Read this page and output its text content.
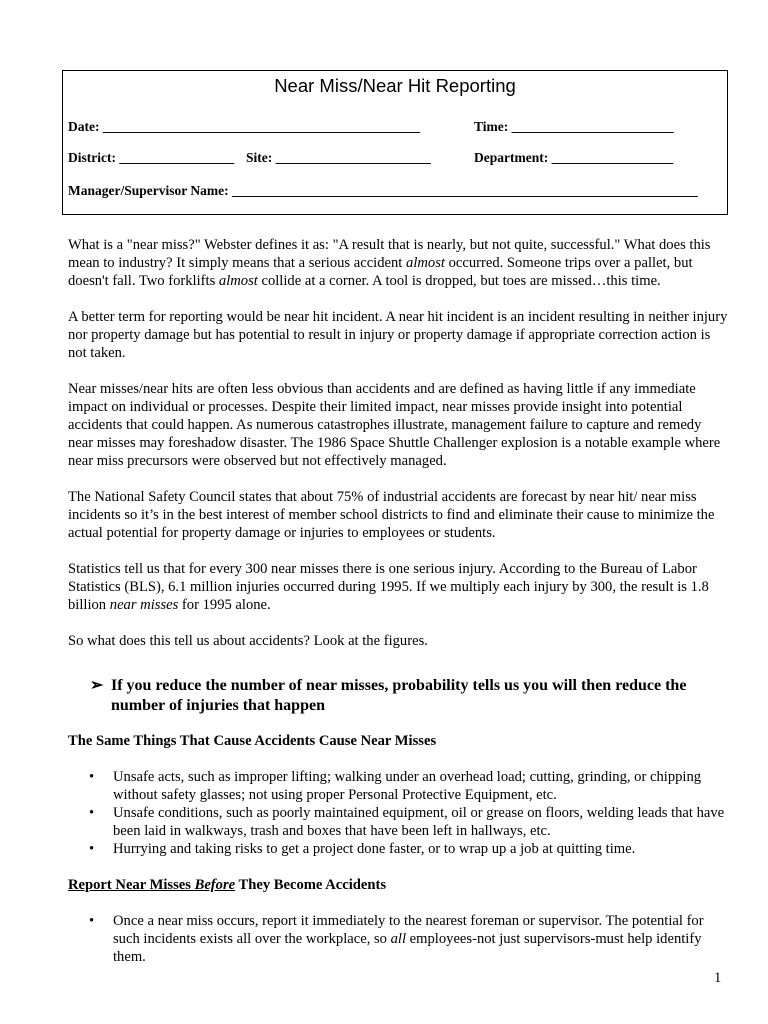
Near Miss/Near Hit Reporting
Date: _______________________________________________	Time: ________________________
District: _________________ Site: _______________________	Department: __________________
Manager/Supervisor Name: _____________________________________________________________________

What is a "near miss?" Webster defines it as: "A result that is nearly, but not quite, successful." What does this mean to industry? It simply means that a serious accident almost occurred. Someone trips over a pallet, but doesn't fall. Two forklifts almost collide at a corner. A tool is dropped, but toes are missed…this time.

A better term for reporting would be near hit incident. A near hit incident is an incident resulting in neither injury nor property damage but has potential to result in injury or property damage if appropriate correction action is not taken.

Near misses/near hits are often less obvious than accidents and are defined as having little if any immediate impact on individual or processes. Despite their limited impact, near misses provide insight into potential accidents that could happen. As numerous catastrophes illustrate, management failure to capture and remedy near misses may foreshadow disaster. The 1986 Space Shuttle Challenger explosion is a notable example where near miss precursors were observed but not effectively managed.

The National Safety Council states that about 75% of industrial accidents are forecast by near hit/ near miss incidents so it’s in the best interest of member school districts to find and eliminate their cause to minimize the actual potential for property damage or injuries to employees or students.

Statistics tell us that for every 300 near misses there is one serious injury. According to the Bureau of Labor Statistics (BLS), 6.1 million injuries occurred during 1995. If we multiply each injury by 300, the result is 1.8 billion near misses for 1995 alone.

So what does this tell us about accidents? Look at the figures.

➢ If you reduce the number of near misses, probability tells us you will then reduce the number of injuries that happen
The Same Things That Cause Accidents Cause Near Misses
• Unsafe acts, such as improper lifting; walking under an overhead load; cutting, grinding, or chipping without safety glasses; not using proper Personal Protective Equipment, etc.
• Unsafe conditions, such as poorly maintained equipment, oil or grease on floors, welding leads that have been laid in walkways, trash and boxes that have been left in hallways, etc.
• Hurrying and taking risks to get a project done faster, or to wrap up a job at quitting time.
Report Near Misses Before They Become Accidents
• Once a near miss occurs, report it immediately to the nearest foreman or supervisor. The potential for such incidents exists all over the workplace, so all employees-not just supervisors-must help identify them.
1
